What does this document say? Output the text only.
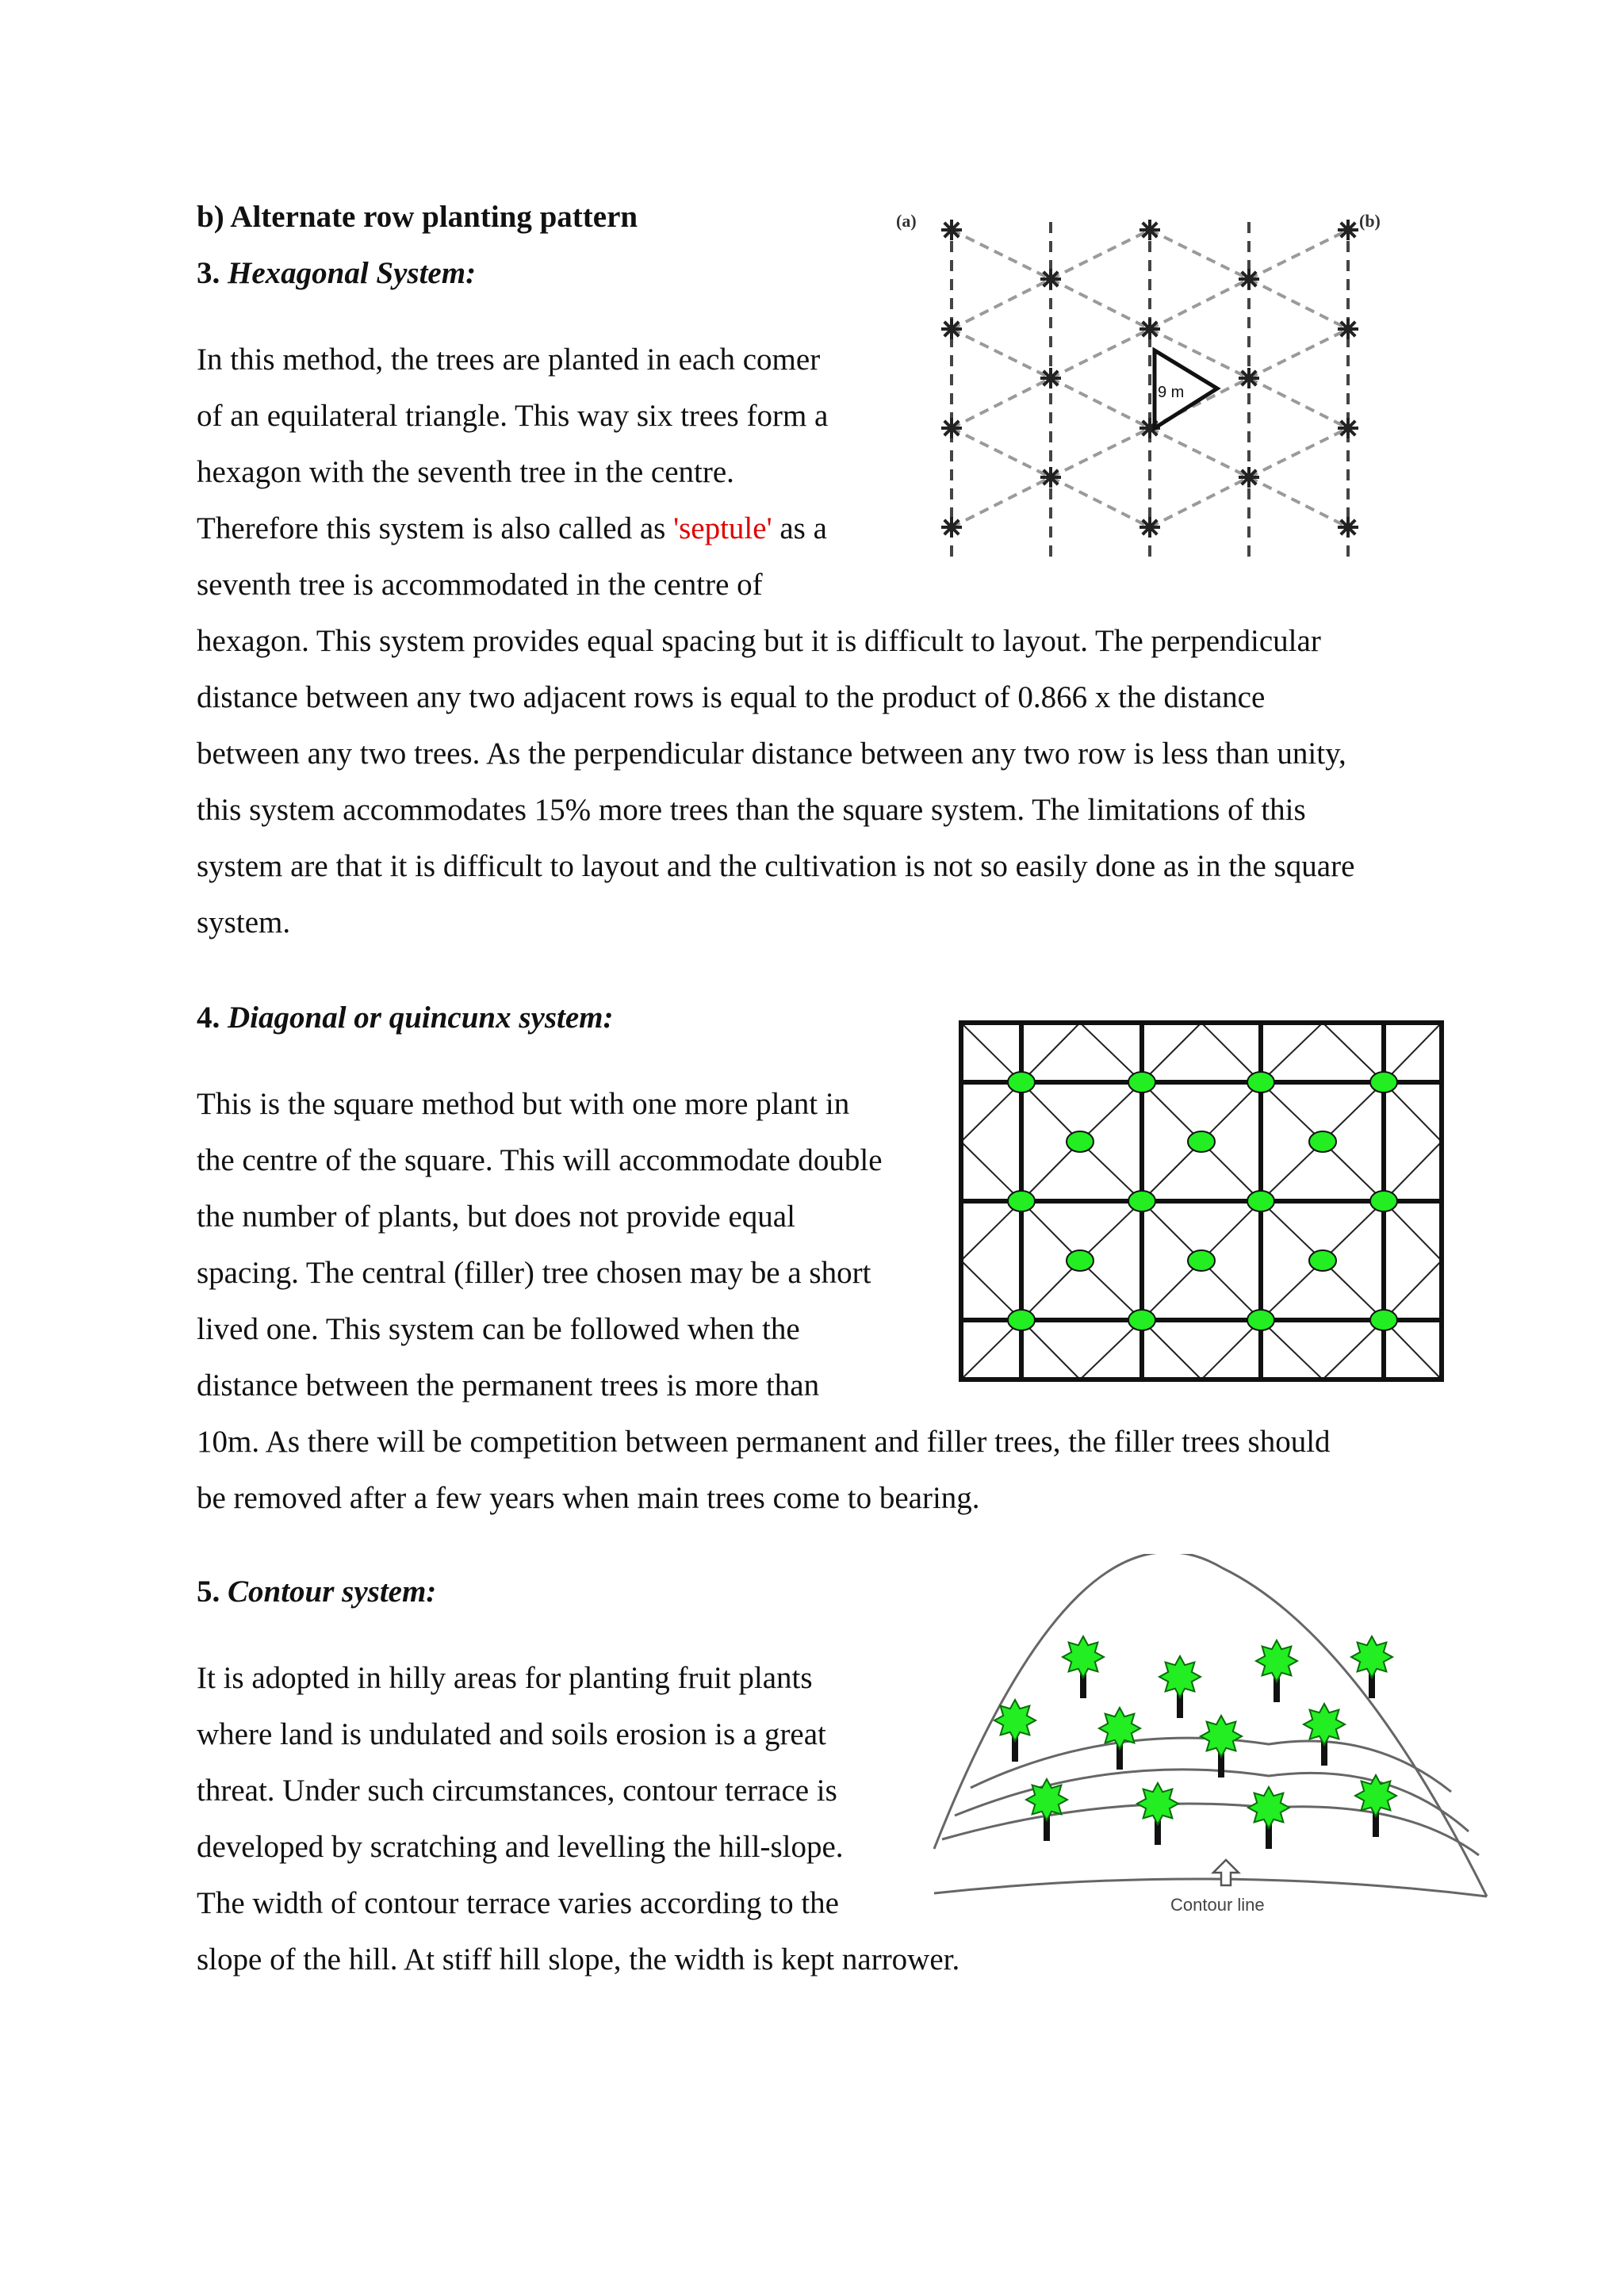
b) Alternate row planting pattern

3. Hexagonal System:

In this method, the trees are planted in each comer

of an equilateral triangle. This way six trees form a

hexagon with the seventh tree in the centre.

Therefore this system is also called as 'septule' as a

seventh tree is accommodated in the centre of

hexagon. This system provides equal spacing but it is difficult to layout. The perpendicular

distance between any two adjacent rows is equal to the product of 0.866 x the distance

between any two trees. As the perpendicular distance between any two row is less than unity,

this system accommodates 15% more trees than the square system. The limitations of this

system are that it is difficult to layout and the cultivation is not so easily done as in the square

system.

9 m
(a)	(b)

4. Diagonal or quincunx system:

This is the square method but with one more plant in

the centre of the square. This will accommodate double

the number of plants, but does not provide equal

spacing. The central (filler) tree chosen may be a short

lived one. This system can be followed when the

distance between the permanent trees is more than

10m. As there will be competition between permanent and filler trees, the filler trees should

be removed after a few years when main trees come to bearing.

5. Contour system:

It is adopted in hilly areas for planting fruit plants

where land is undulated and soils erosion is a great

threat. Under such circumstances, contour terrace is

developed by scratching and levelling the hill-slope.

The width of contour terrace varies according to the

slope of the hill. At stiff hill slope, the width is kept narrower.

Contour line
